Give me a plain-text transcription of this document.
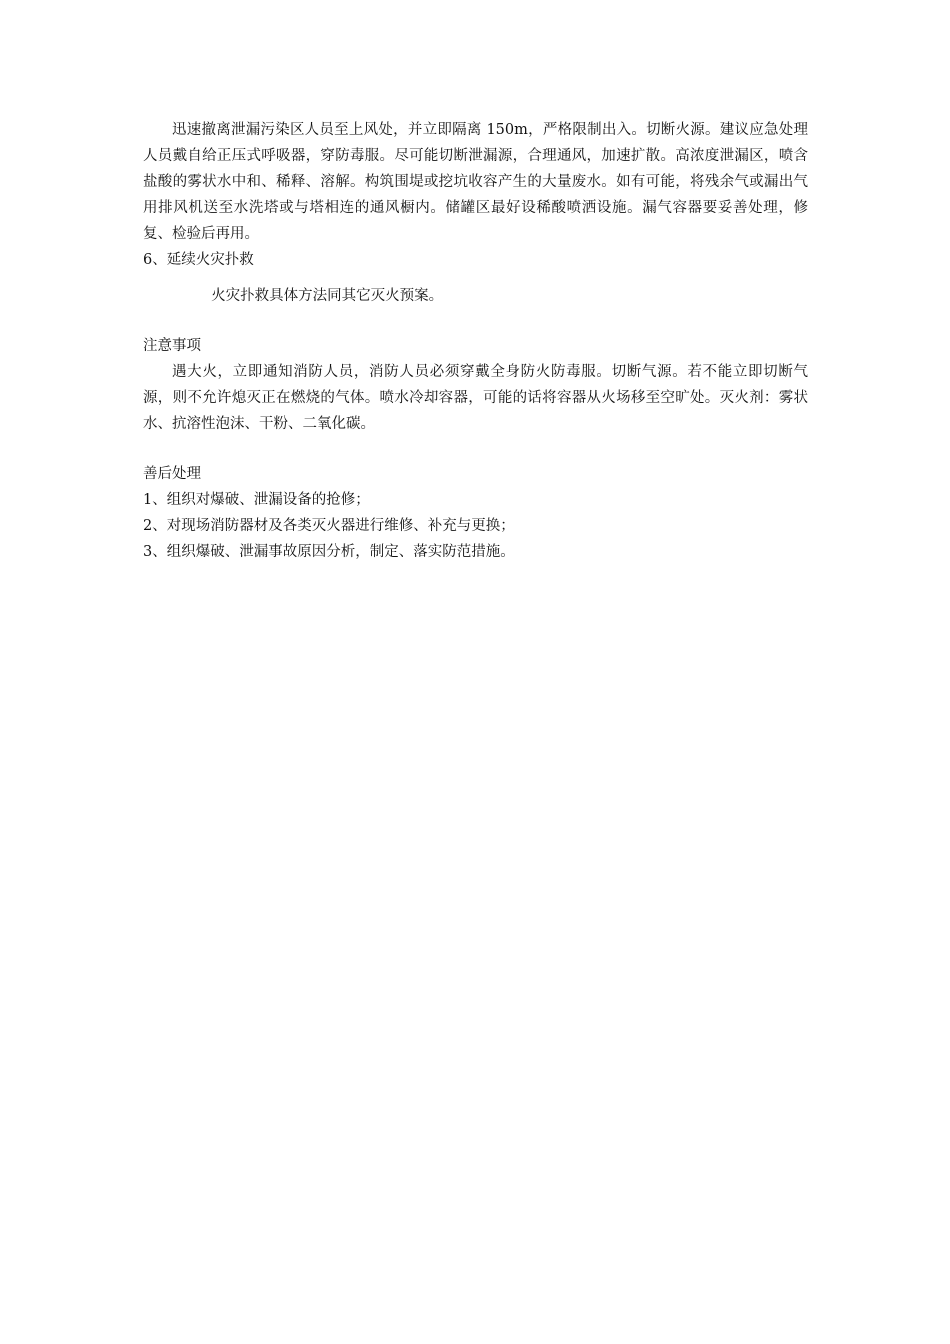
迅速撤离泄漏污染区人员至上风处，并立即隔离 150m，严格限制出入。切断火源。建议应急处理人员戴自给正压式呼吸器，穿防毒服。尽可能切断泄漏源，合理通风，加速扩散。高浓度泄漏区，喷含盐酸的雾状水中和、稀释、溶解。构筑围堤或挖坑收容产生的大量废水。如有可能，将残余气或漏出气用排风机送至水洗塔或与塔相连的通风橱内。储罐区最好设稀酸喷洒设施。漏气容器要妥善处理，修复、检验后再用。

6、延续火灾扑救

火灾扑救具体方法同其它灭火预案。

注意事项

遇大火，立即通知消防人员，消防人员必须穿戴全身防火防毒服。切断气源。若不能立即切断气源，则不允许熄灭正在燃烧的气体。喷水冷却容器，可能的话将容器从火场移至空旷处。灭火剂：雾状水、抗溶性泡沫、干粉、二氧化碳。

善后处理

1、组织对爆破、泄漏设备的抢修；

2、对现场消防器材及各类灭火器进行维修、补充与更换；

3、组织爆破、泄漏事故原因分析，制定、落实防范措施。
